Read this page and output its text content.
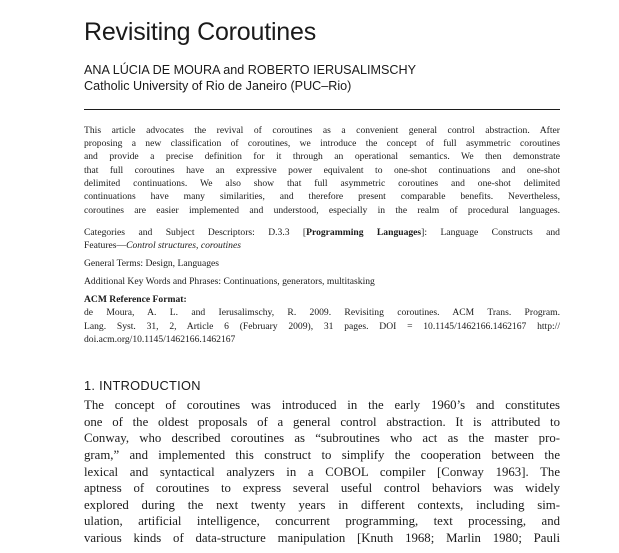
Revisiting Coroutines
ANA LÚCIA DE MOURA and ROBERTO IERUSALIMSCHY
Catholic University of Rio de Janeiro (PUC–Rio)
This article advocates the revival of coroutines as a convenient general control abstraction. After
proposing a new classification of coroutines, we introduce the concept of full asymmetric coroutines
and provide a precise definition for it through an operational semantics. We then demonstrate
that full coroutines have an expressive power equivalent to one-shot continuations and one-shot
delimited continuations. We also show that full asymmetric coroutines and one-shot delimited
continuations have many similarities, and therefore present comparable benefits. Nevertheless,
coroutines are easier implemented and understood, especially in the realm of procedural languages.
Categories and Subject Descriptors: D.3.3 [Programming Languages]: Language Constructs and
Features—Control structures, coroutines
General Terms: Design, Languages
Additional Key Words and Phrases: Continuations, generators, multitasking
ACM Reference Format:
de Moura, A. L. and Ierusalimschy, R. 2009. Revisiting coroutines. ACM Trans. Program.
Lang. Syst. 31, 2, Article 6 (February 2009), 31 pages. DOI = 10.1145/1462166.1462167 http://
doi.acm.org/10.1145/1462166.1462167
1. INTRODUCTION
The concept of coroutines was introduced in the early 1960’s and constitutes
one of the oldest proposals of a general control abstraction. It is attributed to
Conway, who described coroutines as “subroutines who act as the master pro-
gram,” and implemented this construct to simplify the cooperation between the
lexical and syntactical analyzers in a COBOL compiler [Conway 1963]. The
aptness of coroutines to express several useful control behaviors was widely
explored during the next twenty years in different contexts, including sim-
ulation, artificial intelligence, concurrent programming, text processing, and
various kinds of data-structure manipulation [Knuth 1968; Marlin 1980; Pauli
